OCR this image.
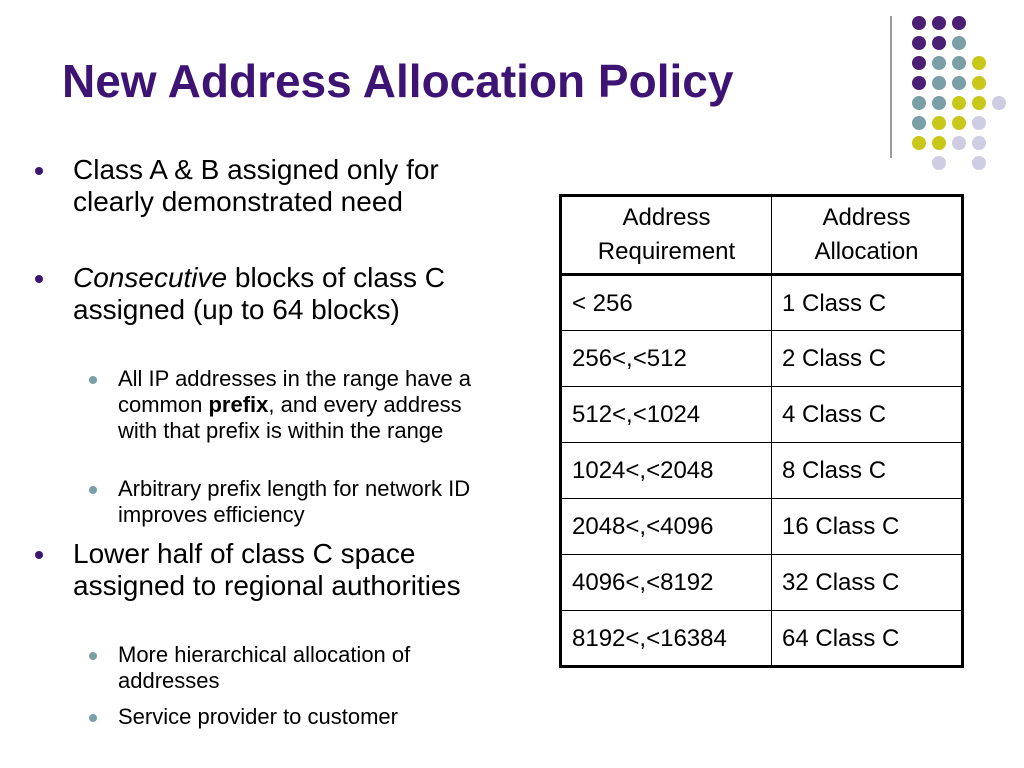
New Address Allocation Policy

Class A & B assigned only for clearly demonstrated need

Consecutive blocks of class C assigned (up to 64 blocks)

All IP addresses in the range have a common prefix, and every address with that prefix is within the range

Arbitrary prefix length for network ID improves efficiency

Lower half of class C space assigned to regional authorities

More hierarchical allocation of addresses

Service provider to customer

Address Requirement	Address Allocation
< 256	1 Class C
256<,<512	2 Class C
512<,<1024	4 Class C
1024<,<2048	8 Class C
2048<,<4096	16 Class C
4096<,<8192	32 Class C
8192<,<16384	64 Class C
